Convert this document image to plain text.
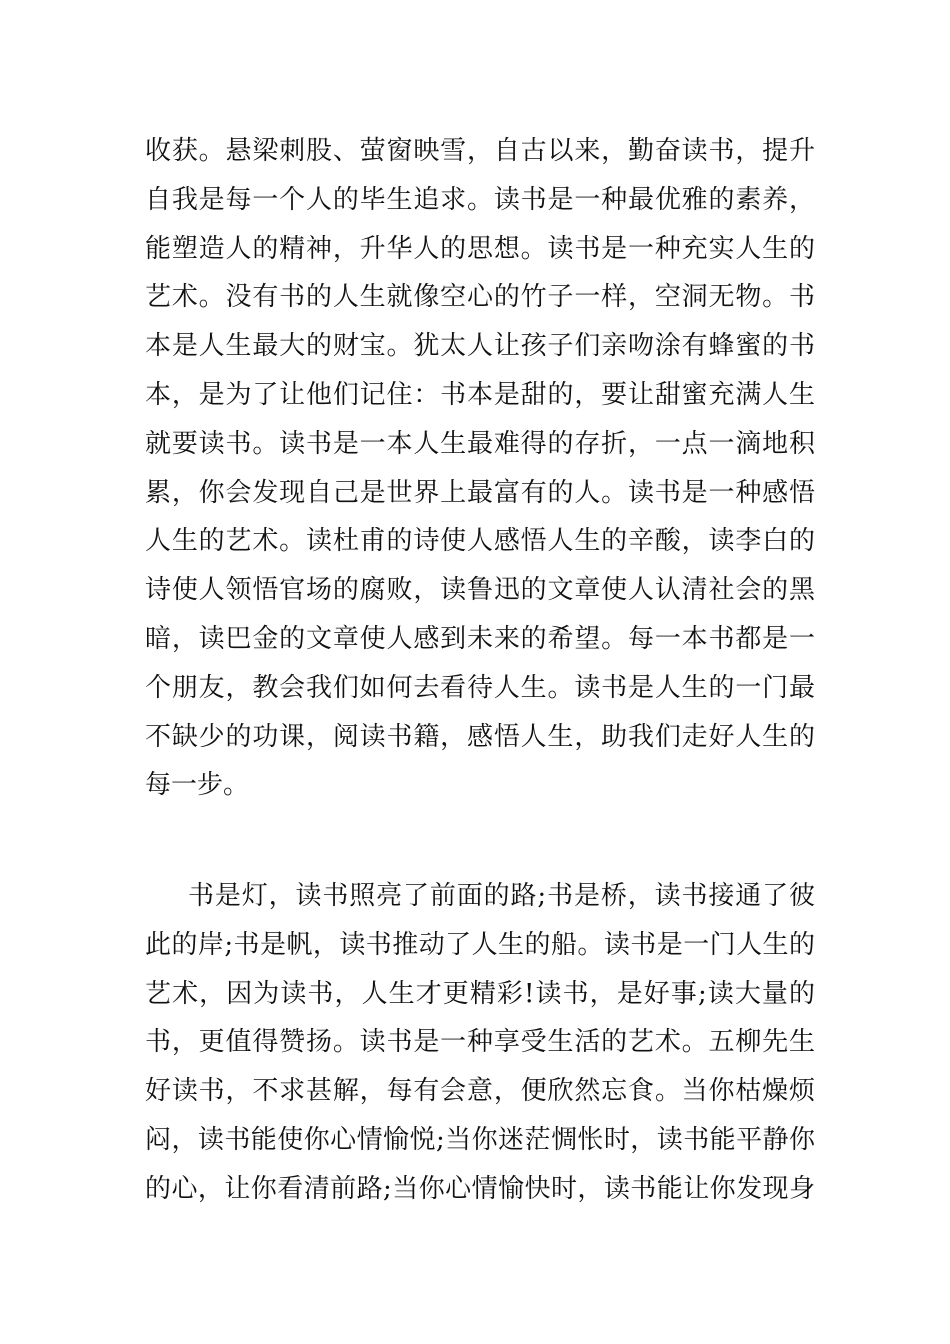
收获。悬梁刺股、萤窗映雪，自古以来，勤奋读书，提升
自我是每一个人的毕生追求。读书是一种最优雅的素养，
能塑造人的精神，升华人的思想。读书是一种充实人生的
艺术。没有书的人生就像空心的竹子一样，空洞无物。书
本是人生最大的财宝。犹太人让孩子们亲吻涂有蜂蜜的书
本，是为了让他们记住：书本是甜的，要让甜蜜充满人生
就要读书。读书是一本人生最难得的存折，一点一滴地积
累，你会发现自己是世界上最富有的人。读书是一种感悟
人生的艺术。读杜甫的诗使人感悟人生的辛酸，读李白的
诗使人领悟官场的腐败，读鲁迅的文章使人认清社会的黑
暗，读巴金的文章使人感到未来的希望。每一本书都是一
个朋友，教会我们如何去看待人生。读书是人生的一门最
不缺少的功课，阅读书籍，感悟人生，助我们走好人生的
每一步。
书是灯，读书照亮了前面的路;书是桥，读书接通了彼
此的岸;书是帆，读书推动了人生的船。读书是一门人生的
艺术，因为读书，人生才更精彩!读书，是好事;读大量的
书，更值得赞扬。读书是一种享受生活的艺术。五柳先生
好读书，不求甚解，每有会意，便欣然忘食。当你枯燥烦
闷，读书能使你心情愉悦;当你迷茫惆怅时，读书能平静你
的心，让你看清前路;当你心情愉快时，读书能让你发现身
